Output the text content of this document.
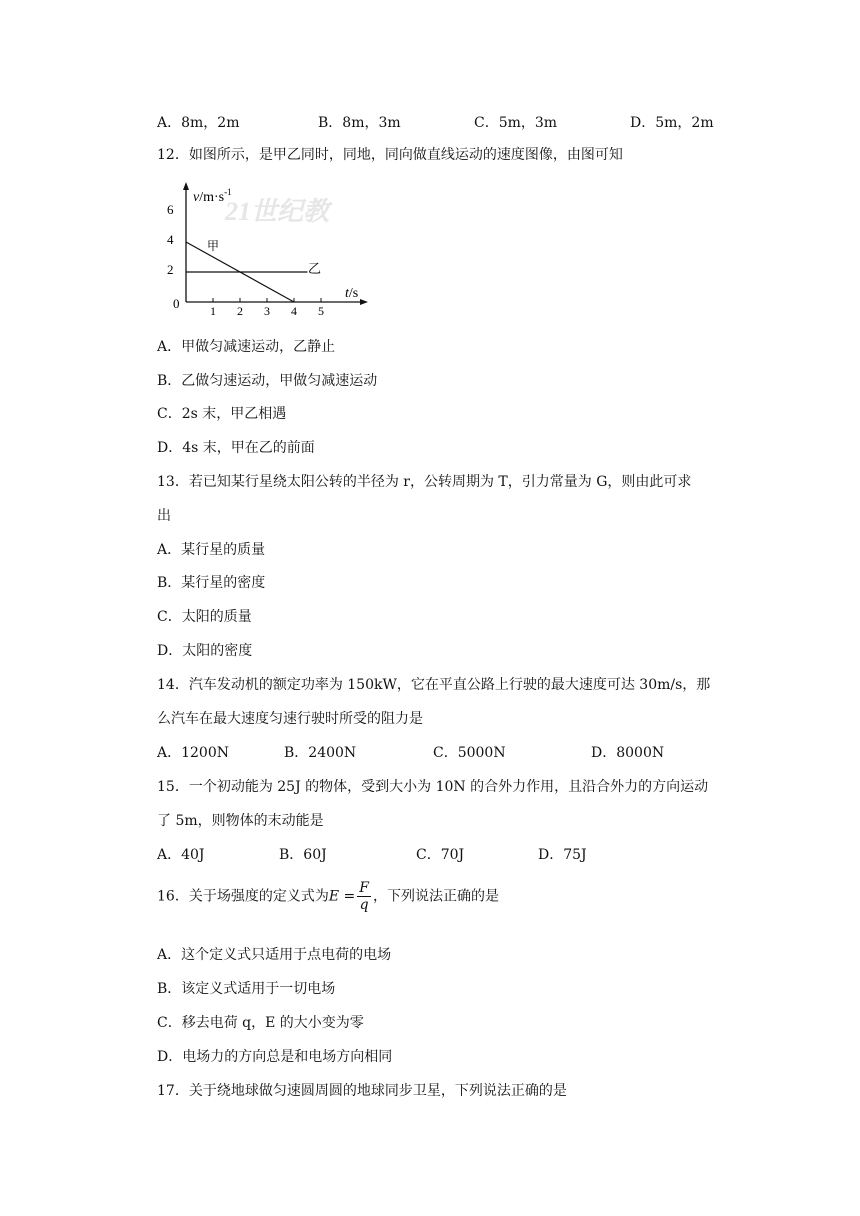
A．8m，2m	B．8m，3m	C．5m，3m	D．5m，2m
12．如图所示，是甲乙同时，同地，同向做直线运动的速度图像，由图可知
21世纪教
6
4
2
0	1 2 3 4 5
$v/m\cdot s^{-1}$
t/s
甲
乙
A．甲做匀减速运动，乙静止
B．乙做匀速运动，甲做匀减速运动
C．2s 末，甲乙相遇
D．4s 末，甲在乙的前面
13．若已知某行星绕太阳公转的半径为 r，公转周期为 T，引力常量为 G，则由此可求
出
A．某行星的质量
B．某行星的密度
C．太阳的质量
D．太阳的密度
14．汽车发动机的额定功率为 150kW，它在平直公路上行驶的最大速度可达 30m/s，那
么汽车在最大速度匀速行驶时所受的阻力是
A．1200N	B．2400N	C．5000N	D．8000N
15．一个初动能为 25J 的物体，受到大小为 10N 的合外力作用，且沿合外力的方向运动
了 5m，则物体的末动能是
A．40J	B．60J	C．70J	D．75J
16．关于场强度的定义式为$E = \frac{F}{q}$ ，下列说法正确的是
A．这个定义式只适用于点电荷的电场
B．该定义式适用于一切电场
C．移去电荷 q，E 的大小变为零
D．电场力的方向总是和电场方向相同
17．关于绕地球做匀速圆周圆的地球同步卫星，下列说法正确的是
